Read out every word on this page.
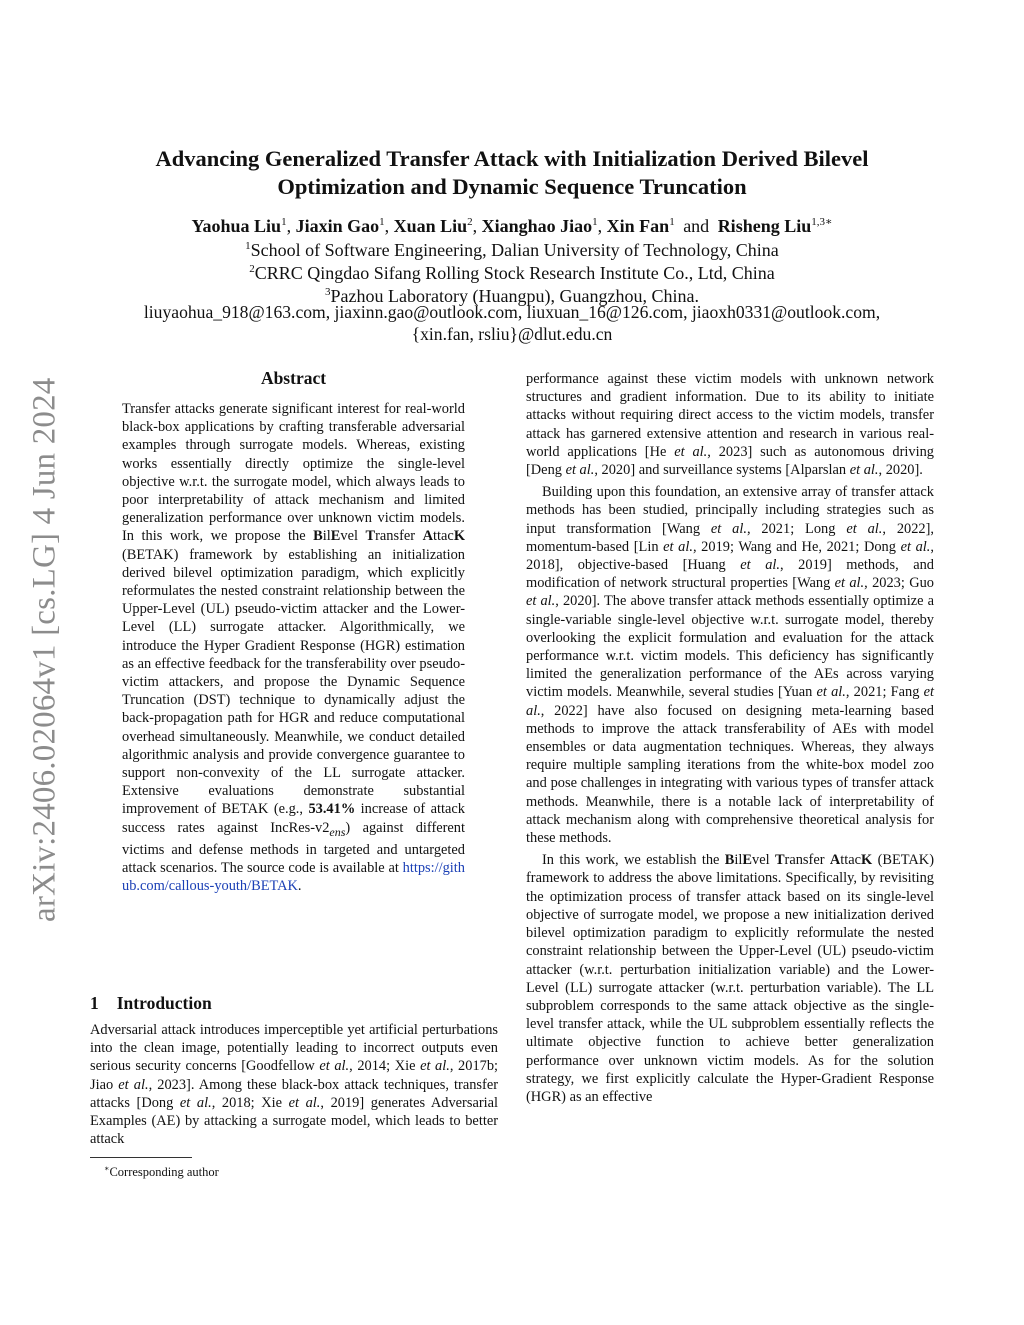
arXiv:2406.02064v1 [cs.LG] 4 Jun 2024
Advancing Generalized Transfer Attack with Initialization Derived Bilevel
Optimization and Dynamic Sequence Truncation
Yaohua Liu$^1$, Jiaxin Gao$^1$, Xuan Liu$^2$, Xianghao Jiao$^1$, Xin Fan$^1$ and Risheng Liu$^{1,3∗}$
$^1$School of Software Engineering, Dalian University of Technology, China
$^2$CRRC Qingdao Sifang Rolling Stock Research Institute Co., Ltd, China
$^3$Pazhou Laboratory (Huangpu), Guangzhou, China.
liuyaohua_918@163.com, jiaxinn.gao@outlook.com, liuxuan_16@126.com, jiaoxh0331@outlook.com,
{xin.fan, rsliu}@dlut.edu.cn
Abstract

Transfer attacks generate significant interest for real-world black-box applications by crafting transferable adversarial examples through surrogate models. Whereas, existing works essentially directly optimize the single-level objective w.r.t. the surrogate model, which always leads to poor interpretability of attack mechanism and limited generalization performance over unknown victim models. In this work, we propose the BilEvel Transfer AttacK (BETAK) framework by establishing an initialization derived bilevel optimization paradigm, which explicitly reformulates the nested constraint relationship between the Upper-Level (UL) pseudo-victim attacker and the Lower-Level (LL) surrogate attacker. Algorithmically, we introduce the Hyper Gradient Response (HGR) estimation as an effective feedback for the transferability over pseudo-victim attackers, and propose the Dynamic Sequence Truncation (DST) technique to dynamically adjust the back-propagation path for HGR and reduce computational overhead simultaneously. Meanwhile, we conduct detailed algorithmic analysis and provide convergence guarantee to support non-convexity of the LL surrogate attacker. Extensive evaluations demonstrate substantial improvement of BETAK (e.g., 53.41% increase of attack success rates against IncRes-$v2_{ens}$) against different victims and defense methods in targeted and untargeted attack scenarios. The source code is available at https://github.com/callous-youth/BETAK.

1 Introduction

Adversarial attack introduces imperceptible yet artificial perturbations into the clean image, potentially leading to incorrect outputs even serious security concerns [Goodfellow et al., 2014; Xie et al., 2017b; Jiao et al., 2023]. Among these black-box attack techniques, transfer attacks [Dong et al., 2018; Xie et al., 2019] generates Adversarial Examples (AE) by attacking a surrogate model, which leads to better attack

∗Corresponding author

performance against these victim models with unknown network structures and gradient information. Due to its ability to initiate attacks without requiring direct access to the victim models, transfer attack has garnered extensive attention and research in various real-world applications [He et al., 2023] such as autonomous driving [Deng et al., 2020] and surveillance systems [Alparslan et al., 2020].

Building upon this foundation, an extensive array of transfer attack methods has been studied, principally including strategies such as input transformation [Wang et al., 2021; Long et al., 2022], momentum-based [Lin et al., 2019; Wang and He, 2021; Dong et al., 2018], objective-based [Huang et al., 2019] methods, and modification of network structural properties [Wang et al., 2023; Guo et al., 2020]. The above transfer attack methods essentially optimize a single-variable single-level objective w.r.t. surrogate model, thereby overlooking the explicit formulation and evaluation for the attack performance w.r.t. victim models. This deficiency has significantly limited the generalization performance of the AEs across varying victim models. Meanwhile, several studies [Yuan et al., 2021; Fang et al., 2022] have also focused on designing meta-learning based methods to improve the attack transferability of AEs with model ensembles or data augmentation techniques. Whereas, they always require multiple sampling iterations from the white-box model zoo and pose challenges in integrating with various types of transfer attack methods. Meanwhile, there is a notable lack of interpretability of attack mechanism along with comprehensive theoretical analysis for these methods.

In this work, we establish the BilEvel Transfer AttacK (BETAK) framework to address the above limitations. Specifically, by revisiting the optimization process of transfer attack based on its single-level objective of surrogate model, we propose a new initialization derived bilevel optimization paradigm to explicitly reformulate the nested constraint relationship between the Upper-Level (UL) pseudo-victim attacker (w.r.t. perturbation initialization variable) and the Lower-Level (LL) surrogate attacker (w.r.t. perturbation variable). The LL subproblem corresponds to the same attack objective as the single-level transfer attack, while the UL subproblem essentially reflects the ultimate objective function to achieve better generalization performance over unknown victim models. As for the solution strategy, we first explicitly calculate the Hyper-Gradient Response (HGR) as an effective
